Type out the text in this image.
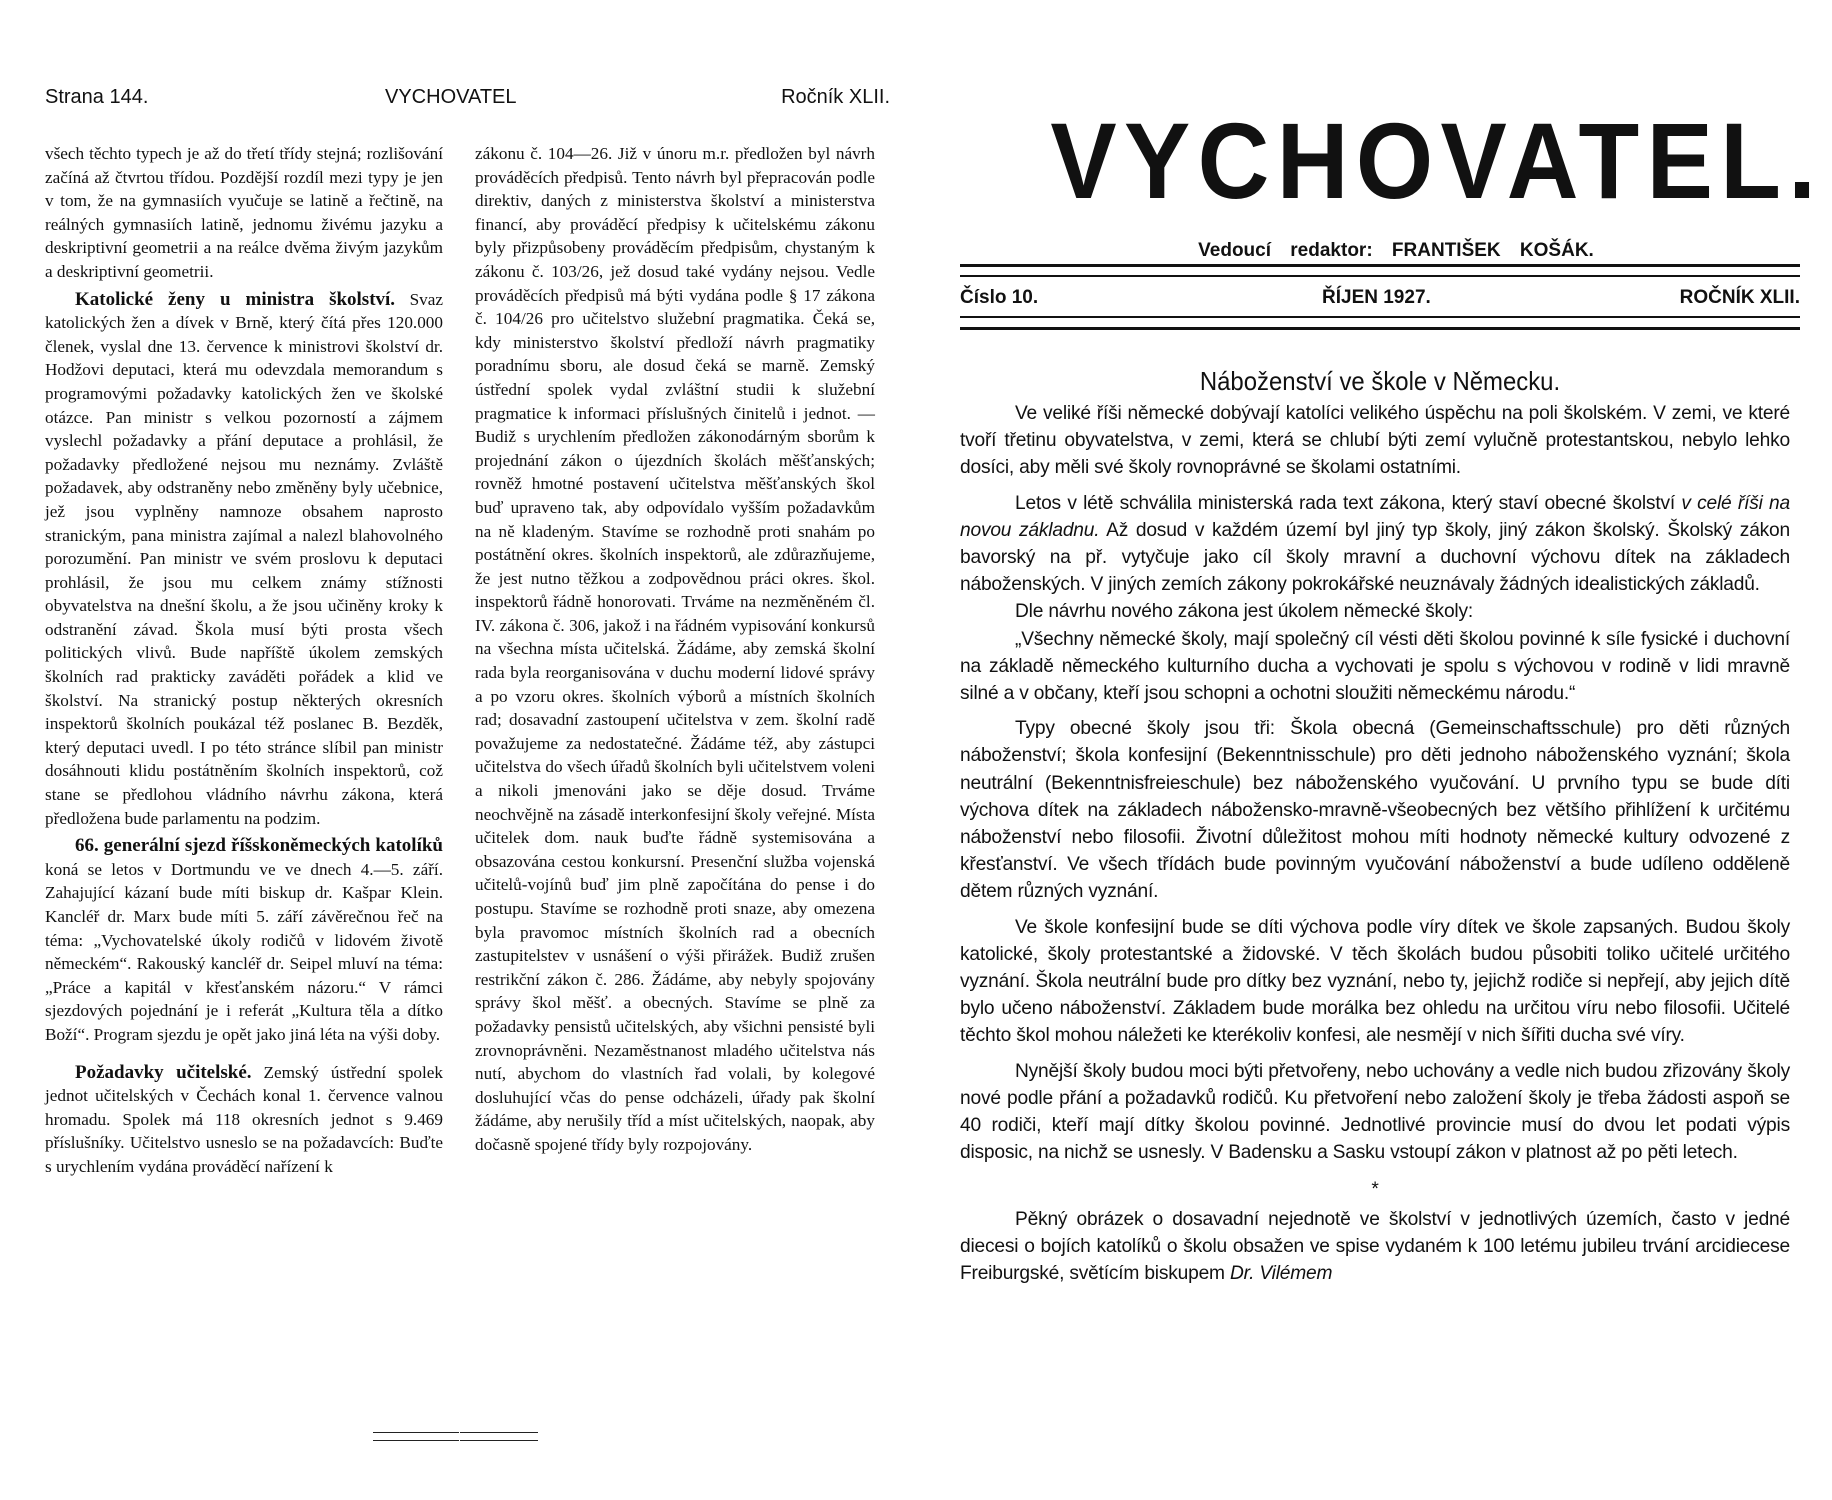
Strana 144.	VYCHOVATEL	Ročník XLII.

všech těchto typech je až do třetí třídy stejná; rozlišování začíná až čtvrtou třídou. Pozdější rozdíl mezi typy je jen v tom, že na gymnasiích vyučuje se latině a řečtině, na reálných gymnasiích latině, jednomu živému jazyku a deskriptivní geometrii a na reálce dvěma živým jazykům a deskriptivní geometrii.

Katolické ženy u ministra školství. Svaz katolických žen a dívek v Brně, který čítá přes 120.000 členek, vyslal dne 13. července k ministrovi školství dr. Hodžovi deputaci, která mu odevzdala memorandum s programovými požadavky katolických žen ve školské otázce. Pan ministr s velkou pozorností a zájmem vyslechl požadavky a přání deputace a prohlásil, že požadavky předložené nejsou mu neznámy. Zvláště požadavek, aby odstraněny nebo změněny byly učebnice, jež jsou vyplněny namnoze obsahem naprosto stranickým, pana ministra zajímal a nalezl blahovolného porozumění. Pan ministr ve svém proslovu k deputaci prohlásil, že jsou mu celkem známy stížnosti obyvatelstva na dnešní školu, a že jsou učiněny kroky k odstranění závad. Škola musí býti prosta všech politických vlivů. Bude napříště úkolem zemských školních rad prakticky zaváděti pořádek a klid ve školství. Na stranický postup některých okresních inspektorů školních poukázal též poslanec B. Bezděk, který deputaci uvedl. I po této stránce slíbil pan ministr dosáhnouti klidu postátněním školních inspektorů, což stane se předlohou vládního návrhu zákona, která předložena bude parlamentu na podzim.

66. generální sjezd říšskoněmeckých katolíků koná se letos v Dortmundu ve ve dnech 4.—5. září. Zahajující kázaní bude míti biskup dr. Kašpar Klein. Kancléř dr. Marx bude míti 5. září závěrečnou řeč na téma: „Vychovatelské úkoly rodičů v lidovém životě německém“. Rakouský kancléř dr. Seipel mluví na téma: „Práce a kapitál v křesťanském názoru.“ V rámci sjezdových pojednání je i referát „Kultura těla a dítko Boží“. Program sjezdu je opět jako jiná léta na výši doby.

Požadavky učitelské. Zemský ústřední spolek jednot učitelských v Čechách konal 1. července valnou hromadu. Spolek má 118 okresních jednot s 9.469 příslušníky. Učitelstvo usneslo se na požadavcích: Buďte s urychlením vydána prováděcí nařízení k

zákonu č. 104—26. Již v únoru m.r. předložen byl návrh prováděcích předpisů. Tento návrh byl přepracován podle direktiv, daných z ministerstva školství a ministerstva financí, aby prováděcí předpisy k učitelskému zákonu byly přizpůsobeny prováděcím předpisům, chystaným k zákonu č. 103/26, jež dosud také vydány nejsou. Vedle prováděcích předpisů má býti vydána podle § 17 zákona č. 104/26 pro učitelstvo služební pragmatika. Čeká se, kdy ministerstvo školství předloží návrh pragmatiky poradnímu sboru, ale dosud čeká se marně. Zemský ústřední spolek vydal zvláštní studii k služební pragmatice k informaci příslušných činitelů i jednot. — Budiž s urychlením předložen zákonodárným sborům k projednání zákon o újezdních školách měšťanských; rovněž hmotné postavení učitelstva měšťanských škol buď upraveno tak, aby odpovídalo vyšším požadavkům na ně kladeným. Stavíme se rozhodně proti snahám po postátnění okres. školních inspektorů, ale zdůrazňujeme, že jest nutno těžkou a zodpovědnou práci okres. škol. inspektorů řádně honorovati. Trváme na nezměněném čl. IV. zákona č. 306, jakož i na řádném vypisování konkursů na všechna místa učitelská. Žádáme, aby zemská školní rada byla reorganisována v duchu moderní lidové správy a po vzoru okres. školních výborů a místních školních rad; dosavadní zastoupení učitelstva v zem. školní radě považujeme za nedostatečné. Žádáme též, aby zástupci učitelstva do všech úřadů školních byli učitelstvem voleni a nikoli jmenováni jako se děje dosud. Trváme neochvějně na zásadě interkonfesijní školy veřejné. Místa učitelek dom. nauk buďte řádně systemisována a obsazována cestou konkursní. Presenční služba vojenská učitelů-vojínů buď jim plně započítána do pense i do postupu. Stavíme se rozhodně proti snaze, aby omezena byla pravomoc místních školních rad a obecních zastupitelstev v usnášení o výši přirážek. Budiž zrušen restrikční zákon č. 286. Žádáme, aby nebyly spojovány správy škol měšť. a obecných. Stavíme se plně za požadavky pensistů učitelských, aby všichni pensisté byli zrovnoprávněni. Nezaměstnanost mladého učitelstva nás nutí, abychom do vlastních řad volali, by kolegové dosluhující včas do pense odcházeli, úřady pak školní žádáme, aby nerušily tříd a míst učitelských, naopak, aby dočasně spojené třídy byly rozpojovány.

VYCHOVATEL.
Vedoucí redaktor: FRANTIŠEK KOŠÁK.
Číslo 10.	ŘÍJEN 1927.	ROČNÍK XLII.
Náboženství ve škole v Německu.

Ve veliké říši německé dobývají katolíci velikého úspěchu na poli školském. V zemi, ve které tvoří třetinu obyvatelstva, v zemi, která se chlubí býti zemí vylučně protestantskou, nebylo lehko dosíci, aby měli své školy rovnoprávné se školami ostatními.

Letos v létě schválila ministerská rada text zákona, který staví obecné školství v celé říši na novou základnu. Až dosud v každém území byl jiný typ školy, jiný zákon školský. Školský zákon bavorský na př. vytyčuje jako cíl školy mravní a duchovní výchovu dítek na základech náboženských. V jiných zemích zákony pokrokářské neuznávaly žádných idealistických základů.

Dle návrhu nového zákona jest úkolem německé školy:

„Všechny německé školy, mají společný cíl vésti děti školou povinné k síle fysické i duchovní na základě německého kulturního ducha a vychovati je spolu s výchovou v rodině v lidi mravně silné a v občany, kteří jsou schopni a ochotni sloužiti německému národu.“

Typy obecné školy jsou tři: Škola obecná (Gemeinschaftsschule) pro děti různých náboženství; škola konfesijní (Bekenntnisschule) pro děti jednoho náboženského vyznání; škola neutrální (Bekenntnisfreieschule) bez náboženského vyučování. U prvního typu se bude díti výchova dítek na základech nábožensko-mravně-všeobecných bez většího přihlížení k určitému náboženství nebo filosofii. Životní důležitost mohou míti hodnoty německé kultury odvozené z křesťanství. Ve všech třídách bude povinným vyučování náboženství a bude udíleno odděleně dětem různých vyznání.

Ve škole konfesijní bude se díti výchova podle víry dítek ve škole zapsaných. Budou školy katolické, školy protestantské a židovské. V těch školách budou působiti toliko učitelé určitého vyznání. Škola neutrální bude pro dítky bez vyznání, nebo ty, jejichž rodiče si nepřejí, aby jejich dítě bylo učeno náboženství. Základem bude morálka bez ohledu na určitou víru nebo filosofii. Učitelé těchto škol mohou náležeti ke kterékoliv konfesi, ale nesmějí v nich šířiti ducha své víry.

Nynější školy budou moci býti přetvořeny, nebo uchovány a vedle nich budou zřizovány školy nové podle přání a požadavků rodičů. Ku přetvoření nebo založení školy je třeba žádosti aspoň se 40 rodiči, kteří mají dítky školou povinné. Jednotlivé provincie musí do dvou let podati výpis disposic, na nichž se usnesly. V Badensku a Sasku vstoupí zákon v platnost až po pěti letech.

*

Pěkný obrázek o dosavadní nejednotě ve školství v jednotlivých územích, často v jedné diecesi o bojích katolíků o školu obsažen ve spise vydaném k 100 letému jubileu trvání arcidiecese Freiburgské, světícím biskupem Dr. Vilémem
